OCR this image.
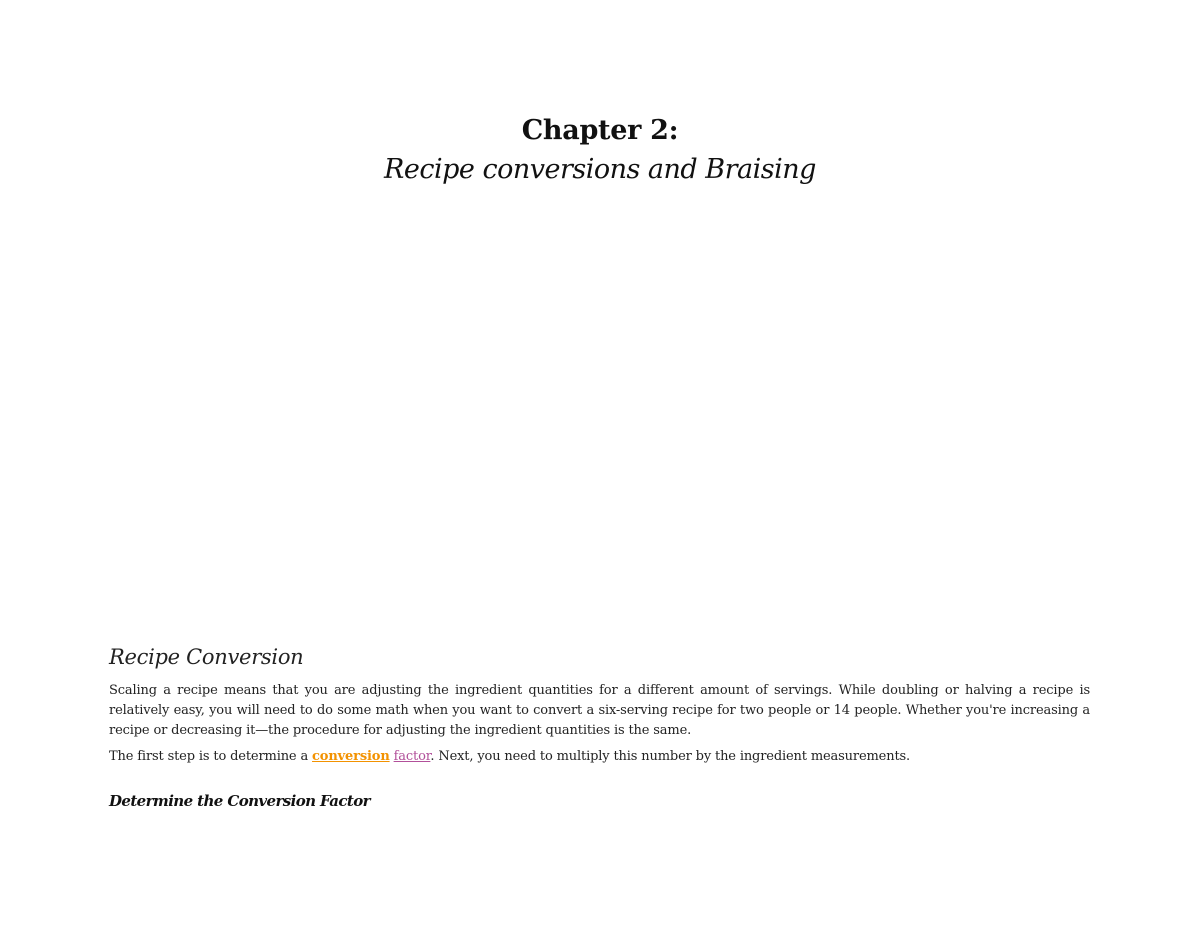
Chapter 2:
Recipe conversions and Braising
Recipe Conversion

Scaling a recipe means that you are adjusting the ingredient quantities for a different amount of servings. While doubling or halving a recipe is relatively easy, you will need to do some math when you want to convert a six-serving recipe for two people or 14 people. Whether you're increasing a recipe or decreasing it—the procedure for adjusting the ingredient quantities is the same.

The first step is to determine a conversion factor. Next, you need to multiply this number by the ingredient measurements.

Determine the Conversion Factor
